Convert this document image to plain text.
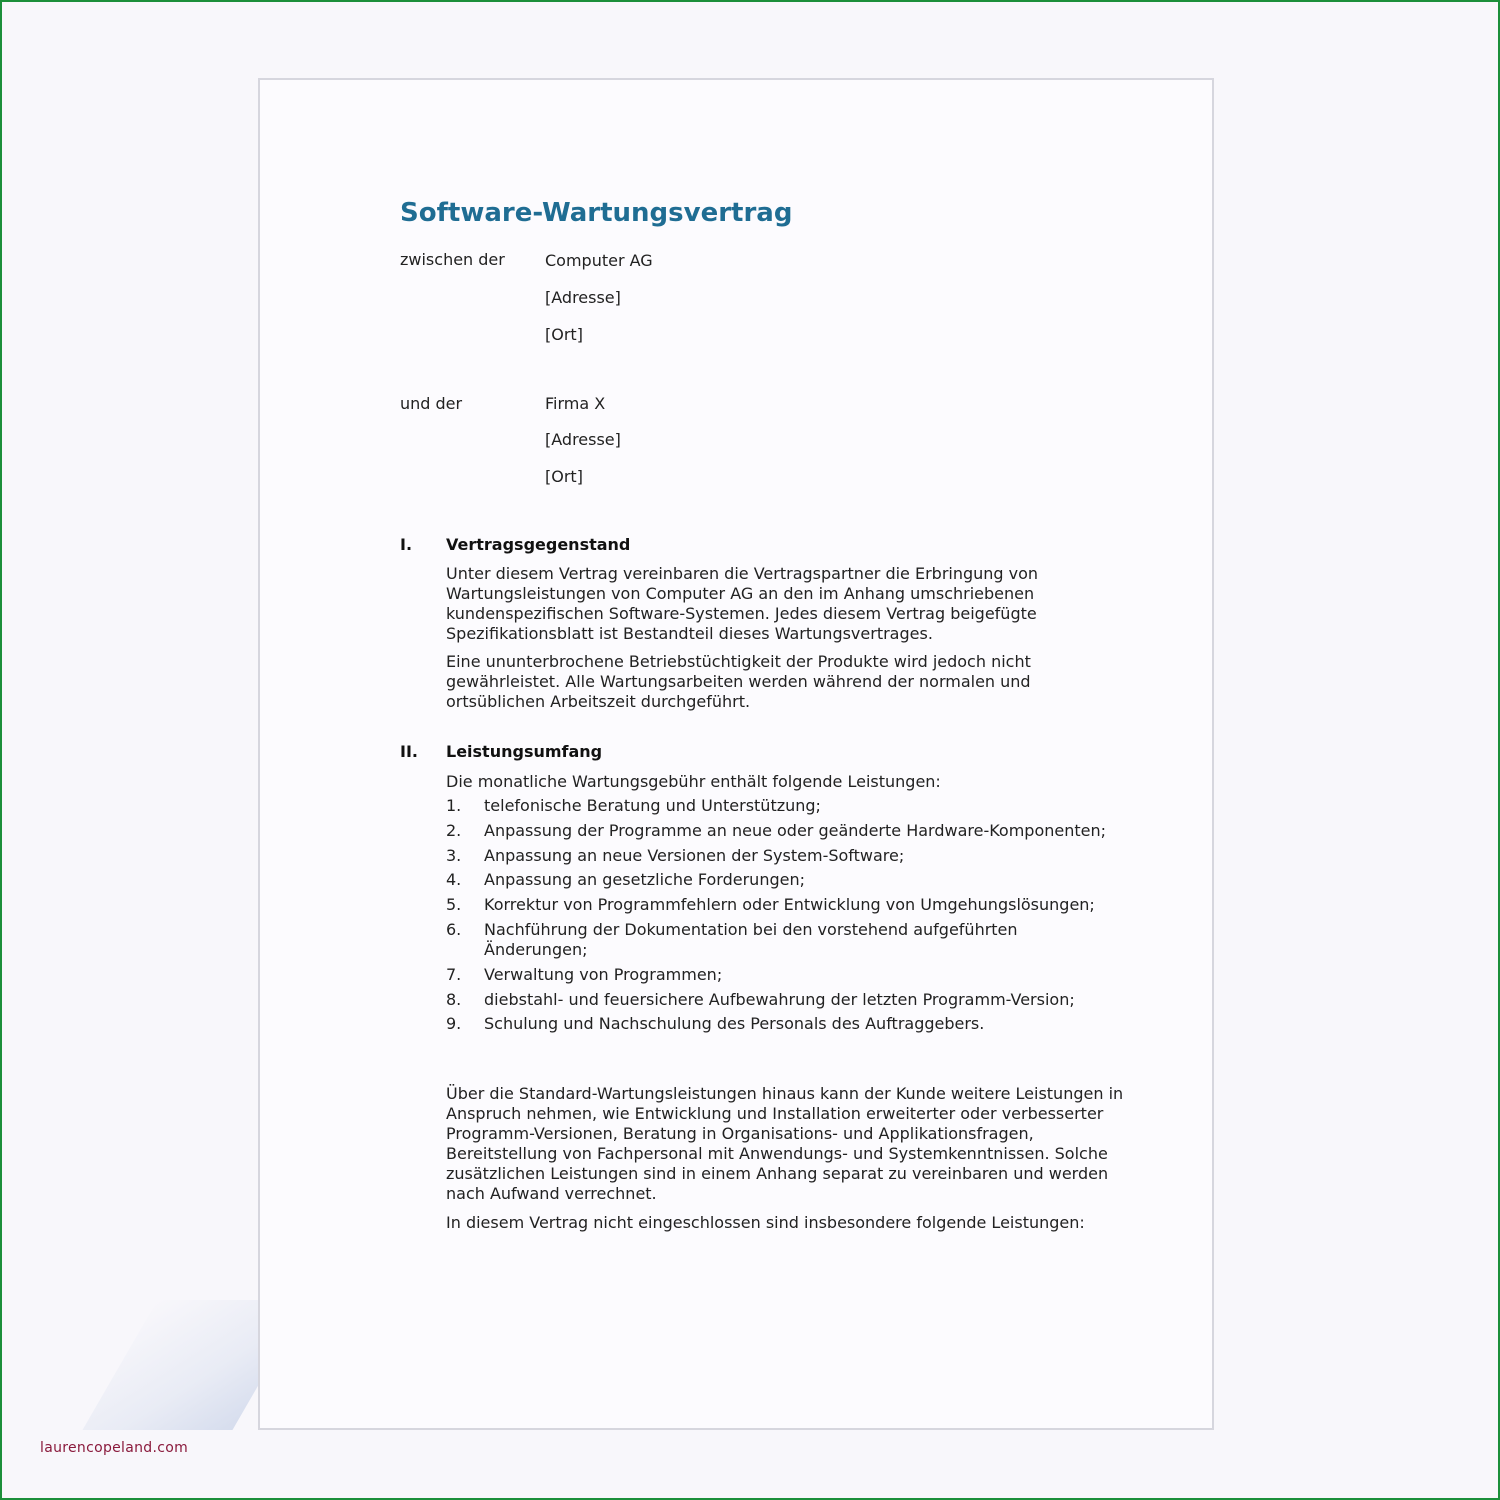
Software-Wartungsvertrag
zwischen der	Computer AG
[Adresse]
[Ort]
und der	Firma X
[Adresse]
[Ort]
I. Vertragsgegenstand

Unter diesem Vertrag vereinbaren die Vertragspartner die Erbringung von Wartungsleistungen von Computer AG an den im Anhang umschriebenen kundenspezifischen Software-Systemen. Jedes diesem Vertrag beigefügte Spezifikationsblatt ist Bestandteil dieses Wartungsvertrages.

Eine ununterbrochene Betriebstüchtigkeit der Produkte wird jedoch nicht gewährleistet. Alle Wartungsarbeiten werden während der normalen und ortsüblichen Arbeitszeit durchgeführt.

II. Leistungsumfang

Die monatliche Wartungsgebühr enthält folgende Leistungen:

1.	telefonische Beratung und Unterstützung;
2.	Anpassung der Programme an neue oder geänderte Hardware-Komponenten;
3.	Anpassung an neue Versionen der System-Software;
4.	Anpassung an gesetzliche Forderungen;
5.	Korrektur von Programmfehlern oder Entwicklung von Umgehungslösungen;
6.	Nachführung der Dokumentation bei den vorstehend aufgeführten Änderungen;
7.	Verwaltung von Programmen;
8.	diebstahl- und feuersichere Aufbewahrung der letzten Programm-Version;
9.	Schulung und Nachschulung des Personals des Auftraggebers.

Über die Standard-Wartungsleistungen hinaus kann der Kunde weitere Leistungen in Anspruch nehmen, wie Entwicklung und Installation erweiterter oder verbesserter Programm-Versionen, Beratung in Organisations- und Applikationsfragen, Bereitstellung von Fachpersonal mit Anwendungs- und Systemkenntnissen. Solche zusätzlichen Leistungen sind in einem Anhang separat zu vereinbaren und werden nach Aufwand verrechnet.

In diesem Vertrag nicht eingeschlossen sind insbesondere folgende Leistungen:

laurencopeland.com
